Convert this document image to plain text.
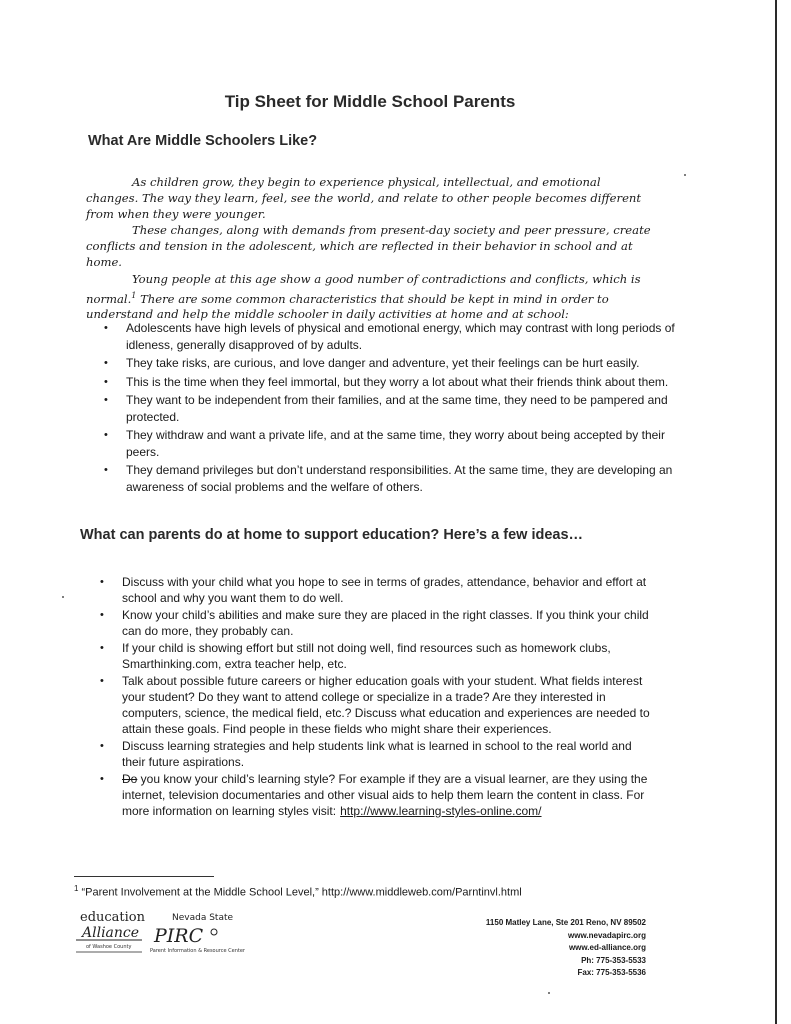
Tip Sheet for Middle School Parents
What Are Middle Schoolers Like?

As children grow, they begin to experience physical, intellectual, and emotional changes. The way they learn, feel, see the world, and relate to other people becomes different from when they were younger.

These changes, along with demands from present-day society and peer pressure, create conflicts and tension in the adolescent, which are reflected in their behavior in school and at home.

Young people at this age show a good number of contradictions and conflicts, which is normal.$^1$ There are some common characteristics that should be kept in mind in order to understand and help the middle schooler in daily activities at home and at school:

• Adolescents have high levels of physical and emotional energy, which may contrast with long periods of idleness, generally disapproved of by adults.
• They take risks, are curious, and love danger and adventure, yet their feelings can be hurt easily.
• This is the time when they feel immortal, but they worry a lot about what their friends think about them.
• They want to be independent from their families, and at the same time, they need to be pampered and protected.
• They withdraw and want a private life, and at the same time, they worry about being accepted by their peers.
• They demand privileges but don’t understand responsibilities. At the same time, they are developing an awareness of social problems and the welfare of others.
What can parents do at home to support education? Here’s a few ideas…
• Discuss with your child what you hope to see in terms of grades, attendance, behavior and effort at school and why you want them to do well.
• Know your child’s abilities and make sure they are placed in the right classes. If you think your child can do more, they probably can.
• If your child is showing effort but still not doing well, find resources such as homework clubs, Smarthinking.com, extra teacher help, etc.
• Talk about possible future careers or higher education goals with your student. What fields interest your student? Do they want to attend college or specialize in a trade? Are they interested in computers, science, the medical field, etc.? Discuss what education and experiences are needed to attain these goals. Find people in these fields who might share their experiences.
• Discuss learning strategies and help students link what is learned in school to the real world and their future aspirations.
• Do you know your child’s learning style? For example if they are a visual learner, are they using the internet, television documentaries and other visual aids to help them learn the content in class. For more information on learning styles visit: http://www.learning-styles-online.com/
$^1$ “Parent Involvement at the Middle School Level,” http://www.middleweb.com/Parntinvl.html
education
Alliance
of Washoe County
Nevada State
PIRC
Parent Information & Resource Center
1150 Matley Lane, Ste 201 Reno, NV 89502
www.nevadapirc.org
www.ed-alliance.org
Ph: 775-353-5533
Fax: 775-353-5536
